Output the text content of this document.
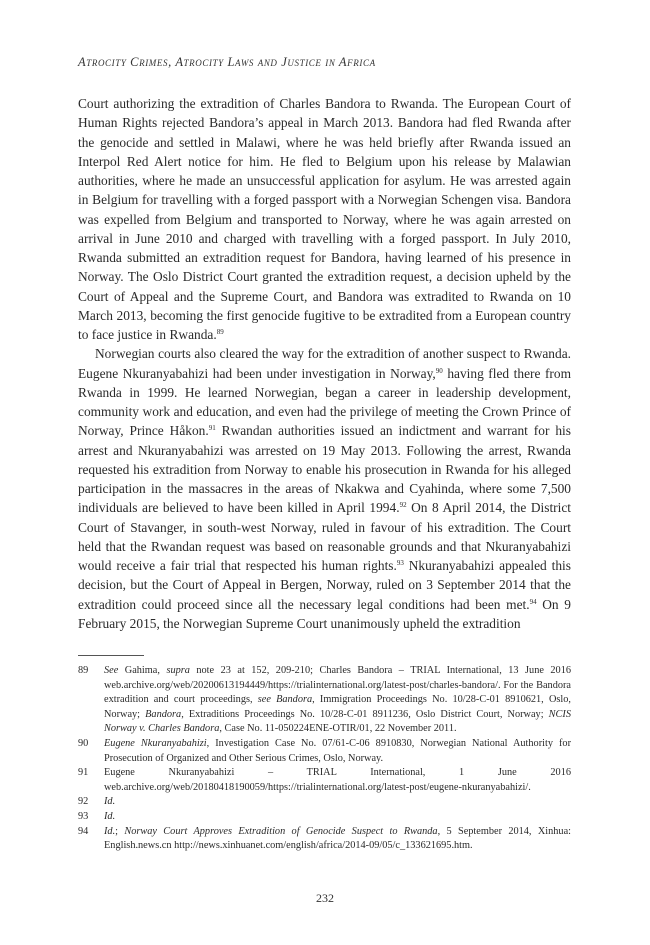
Atrocity Crimes, Atrocity Laws and Justice in Africa

Court authorizing the extradition of Charles Bandora to Rwanda. The European Court of Human Rights rejected Bandora’s appeal in March 2013. Bandora had fled Rwanda after the genocide and settled in Malawi, where he was held briefly after Rwanda issued an Interpol Red Alert notice for him. He fled to Belgium upon his release by Malawian authorities, where he made an unsuccessful application for asylum. He was arrested again in Belgium for travelling with a forged passport with a Norwegian Schengen visa. Bandora was expelled from Belgium and transported to Norway, where he was again arrested on arrival in June 2010 and charged with travelling with a forged passport. In July 2010, Rwanda submitted an extradition request for Bandora, having learned of his presence in Norway. The Oslo District Court granted the extradition request, a decision upheld by the Court of Appeal and the Supreme Court, and Bandora was extradited to Rwanda on 10 March 2013, becoming the first genocide fugitive to be extradited from a European country to face justice in Rwanda.$^{89}$

Norwegian courts also cleared the way for the extradition of another suspect to Rwanda. Eugene Nkuranyabahizi had been under investigation in Norway,$^{90}$ having fled there from Rwanda in 1999. He learned Norwegian, began a career in leadership development, community work and education, and even had the privilege of meeting the Crown Prince of Norway, Prince Håkon.$^{91}$ Rwandan authorities issued an indictment and warrant for his arrest and Nkuranyabahizi was arrested on 19 May 2013. Following the arrest, Rwanda requested his extradition from Norway to enable his prosecution in Rwanda for his alleged participation in the massacres in the areas of Nkakwa and Cyahinda, where some 7,500 individuals are believed to have been killed in April 1994.92 On 8 April 2014, the District Court of Stavanger, in south-west Norway, ruled in favour of his extradition. The Court held that the Rwandan request was based on reasonable grounds and that Nkuranyabahizi would receive a fair trial that respected his human rights.$^{93}$ Nkuranyabahizi appealed this decision, but the Court of Appeal in Bergen, Norway, ruled on 3 September 2014 that the extradition could proceed since all the necessary legal conditions had been met.$^{94}$ On 9 February 2015, the Norwegian Supreme Court unanimously upheld the extradition

89	See Gahima, supra note 23 at 152, 209-210; Charles Bandora – TRIAL International, 13 June 2016 web.archive.org/web/20200613194449/https://trialinternational.org/latest-post/charles-bandora/. For the Bandora extradition and court proceedings, see Bandora, Immigration Proceedings No. 10/28-C-01 8910621, Oslo, Norway; Bandora, Extraditions Proceedings No. 10/28-C-01 8911236, Oslo District Court, Norway; NCIS Norway v. Charles Bandora, Case No. 11-050224ENE-OTIR/01, 22 November 2011.
90	Eugene Nkuranyabahizi, Investigation Case No. 07/61-C-06 8910830, Norwegian National Authority for Prosecution of Organized and Other Serious Crimes, Oslo, Norway.
91	Eugene Nkuranyabahizi – TRIAL International, 1 June 2016 web.archive.org/web/20180418190059/https://trialinternational.org/latest-post/eugene-nkuranyabahizi/.
92	Id.
93	Id.
94	Id.; Norway Court Approves Extradition of Genocide Suspect to Rwanda, 5 September 2014, Xinhua: English.news.cn http://news.xinhuanet.com/english/africa/2014-09/05/c_133621695.htm.
232
